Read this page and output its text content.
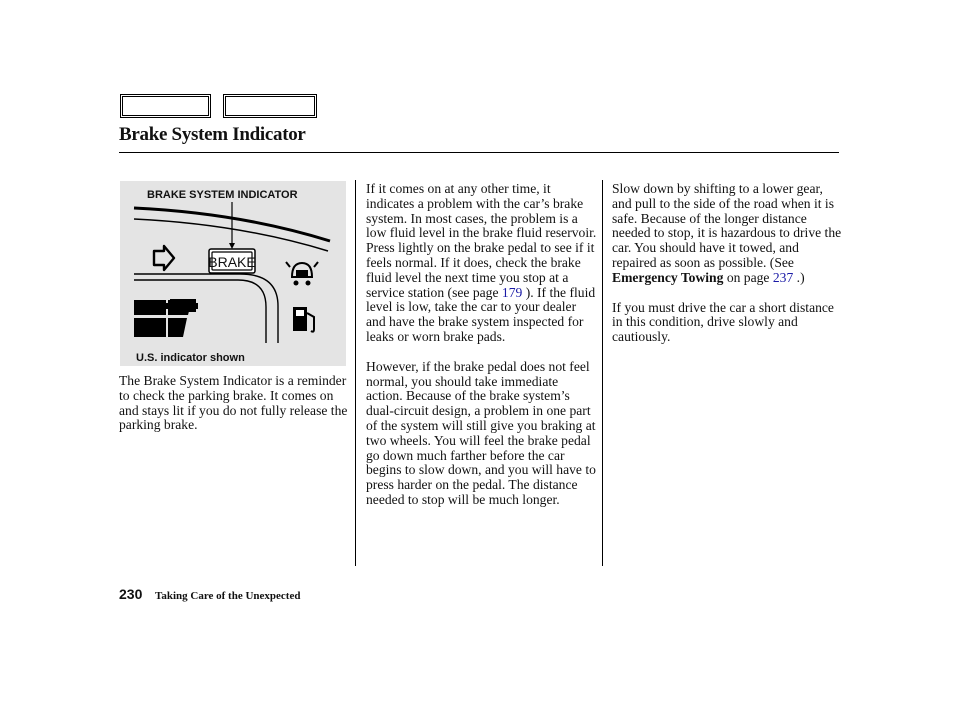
Brake System Indicator
BRAKE SYSTEM INDICATOR
BRAKE
U.S. indicator shown

The Brake System Indicator is a reminder to check the parking brake. It comes on and stays lit if you do not fully release the parking brake.

If it comes on at any other time, it indicates a problem with the car’s brake system. In most cases, the problem is a low fluid level in the brake fluid reservoir. Press lightly on the brake pedal to see if it feels normal. If it does, check the brake fluid level the next time you stop at a service station (see page 179 ). If the fluid level is low, take the car to your dealer and have the brake system inspected for leaks or worn brake pads.

However, if the brake pedal does not feel normal, you should take immediate action. Because of the brake system’s dual-circuit design, a problem in one part of the system will still give you braking at two wheels. You will feel the brake pedal go down much farther before the car begins to slow down, and you will have to press harder on the pedal. The distance needed to stop will be much longer.

Slow down by shifting to a lower gear, and pull to the side of the road when it is safe. Because of the longer distance needed to stop, it is hazardous to drive the car. You should have it towed, and repaired as soon as possible. (See Emergency Towing on page 237 .)

If you must drive the car a short distance in this condition, drive slowly and cautiously.

230 Taking Care of the Unexpected
